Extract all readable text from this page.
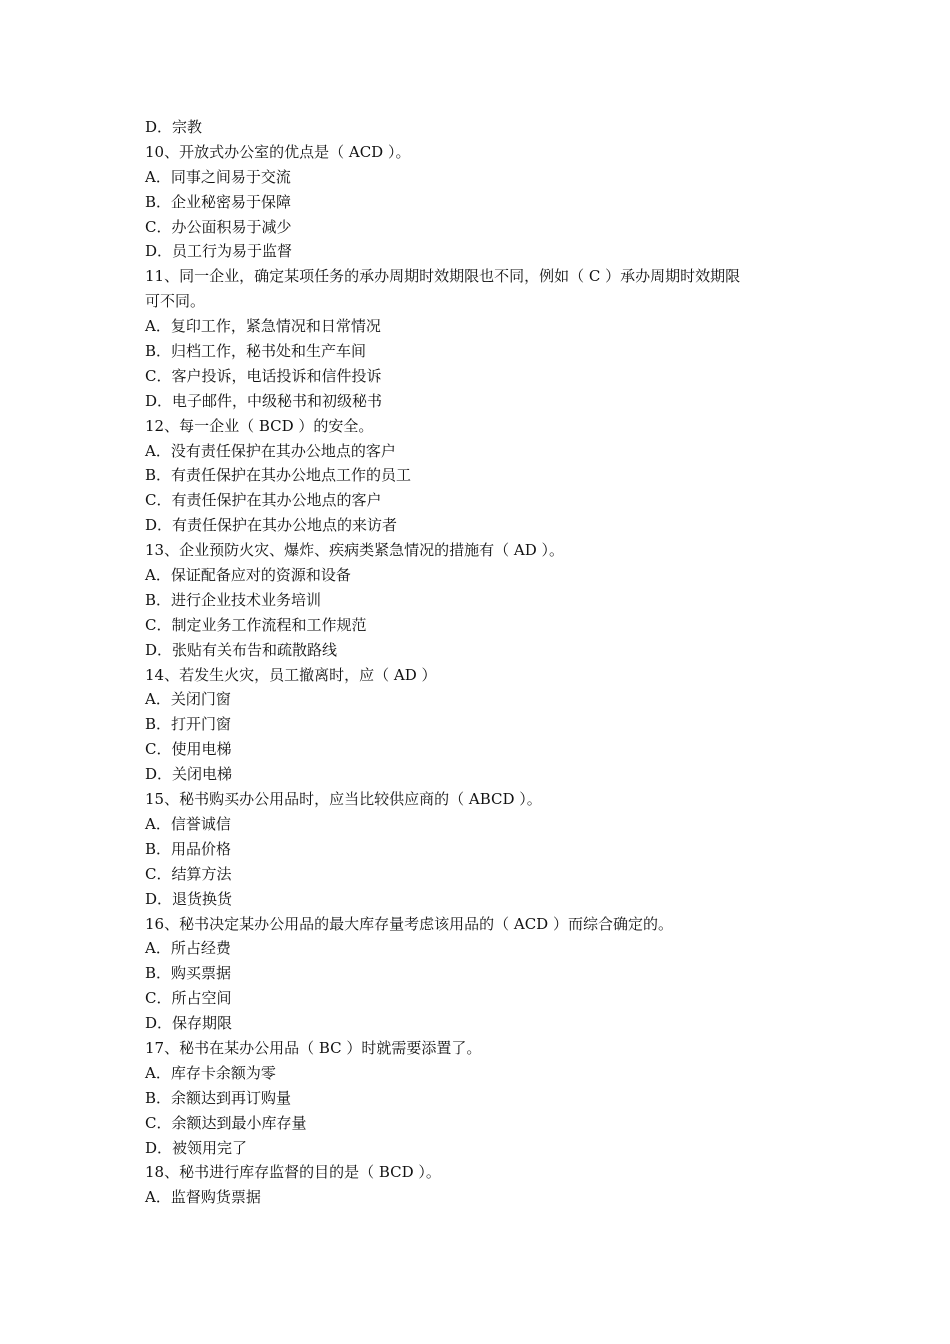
D．宗教
10、开放式办公室的优点是（ ACD ）。
A．同事之间易于交流
B．企业秘密易于保障
C．办公面积易于减少
D．员工行为易于监督
11、同一企业，确定某项任务的承办周期时效期限也不同，例如（ C ）承办周期时效期限
可不同。
A．复印工作，紧急情况和日常情况
B．归档工作，秘书处和生产车间
C．客户投诉，电话投诉和信件投诉
D．电子邮件，中级秘书和初级秘书
12、每一企业（ BCD ）的安全。
A．没有责任保护在其办公地点的客户
B．有责任保护在其办公地点工作的员工
C．有责任保护在其办公地点的客户
D．有责任保护在其办公地点的来访者
13、企业预防火灾、爆炸、疾病类紧急情况的措施有（ AD ）。
A．保证配备应对的资源和设备
B．进行企业技术业务培训
C．制定业务工作流程和工作规范
D．张贴有关布告和疏散路线
14、若发生火灾，员工撤离时，应（ AD ）
A．关闭门窗
B．打开门窗
C．使用电梯
D．关闭电梯
15、秘书购买办公用品时，应当比较供应商的（ ABCD ）。
A．信誉诚信
B．用品价格
C．结算方法
D．退货换货
16、秘书决定某办公用品的最大库存量考虑该用品的（ ACD ）而综合确定的。
A．所占经费
B．购买票据
C．所占空间
D．保存期限
17、秘书在某办公用品（ BC ）时就需要添置了。
A．库存卡余额为零
B．余额达到再订购量
C．余额达到最小库存量
D．被领用完了
18、秘书进行库存监督的目的是（ BCD ）。
A．监督购货票据
